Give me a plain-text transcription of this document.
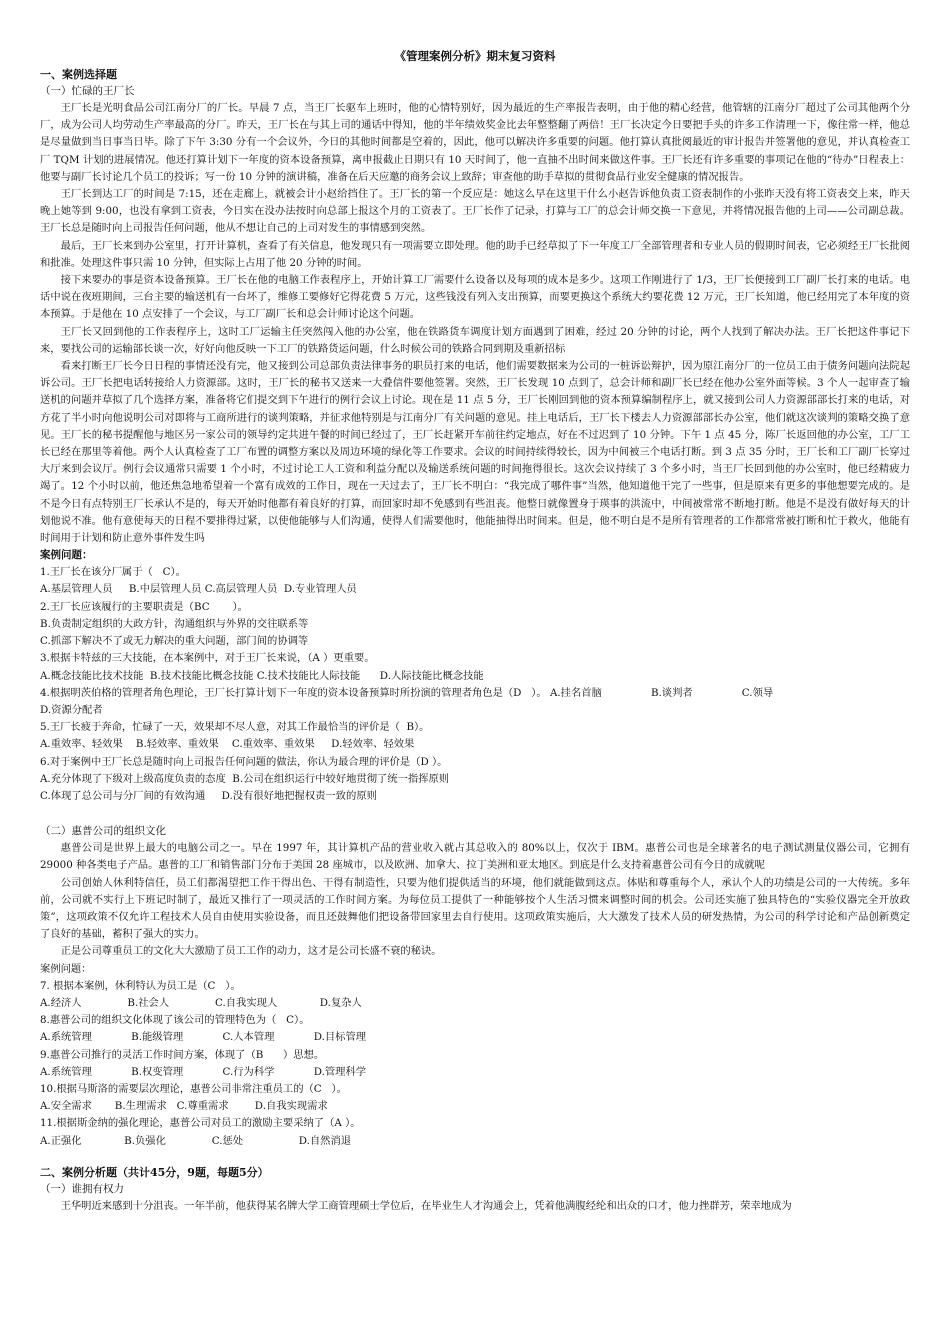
《管理案例分析》期末复习资料
一、案例选择题
（一）忙碌的王厂长
王厂长是光明食品公司江南分厂的厂长。早晨 7 点，当王厂长驱车上班时，他的心情特别好，因为最近的生产率报告表明，由于他的精心经营，他管辖的江南分厂超过了公司其他两个分厂，成为公司人均劳动生产率最高的分厂。昨天，王厂长在与其上司的通话中得知，他的半年绩效奖金比去年整整翻了两倍！王厂长决定今日要把手头的许多工作清理一下，像往常一样，他总是尽量做到当日事当日毕。除了下午 3:30 分有一个会议外，今日的其他时间都是空着的，因此，他可以解决许多重要的问题。他打算认真批阅最近的审计报告并签署他的意见，并认真检查工厂 TQM 计划的进展情况。他还打算计划下一年度的资本设备预算，离申报截止日期只有 10 天时间了，他一直抽不出时间来做这件事。王厂长还有许多重要的事项记在他的“待办”日程表上：他要与副厂长讨论几个员工的投诉；写一份 10 分钟的演讲稿，准备在后天应邀的商务会议上致辞；审查他的助手草拟的贯彻食品行业安全健康的情况报告。
王厂长到达工厂的时间是 7:15，还在走廊上，就被会计小赵给挡住了。王厂长的第一个反应是：她这么早在这里干什么小赵告诉他负责工资表制作的小张昨天没有将工资表交上来，昨天晚上她等到 9:00，也没有拿到工资表，今日实在没办法按时向总部上报这个月的工资表了。王厂长作了记录，打算与工厂的总会计师交换一下意见，并将情况报告他的上司——公司副总裁。王厂长总是随时向上司报告任何问题，他从不想让自己的上司对发生的事情感到突然。
最后，王厂长来到办公室里，打开计算机，查看了有关信息，他发现只有一项需要立即处理。他的助手已经草拟了下一年度工厂全部管理者和专业人员的假期时间表，它必须经王厂长批阅和批准。处理这件事只需 10 分钟，但实际上占用了他 20 分钟的时间。
接下来要办的事是资本设备预算。王厂长在他的电脑工作表程序上，开始计算工厂需要什么设备以及每项的成本是多少。这项工作刚进行了 1/3，王厂长便接到工厂副厂长打来的电话。电话中说在夜班期间，三台主要的输送机有一台坏了，维修工要修好它得花费 5 万元，这些钱没有列入支出预算，而要更换这个系统大约要花费 12 万元，王厂长知道，他已经用完了本年度的资本预算。于是他在 10 点安排了一个会议，与工厂副厂长和总会计师讨论这个问题。
王厂长又回到他的工作表程序上，这时工厂运输主任突然闯入他的办公室，他在铁路货车调度计划方面遇到了困难，经过 20 分钟的讨论，两个人找到了解决办法。王厂长把这件事记下来，要找公司的运输部长谈一次，好好向他反映一下工厂的铁路货运问题，什么时候公司的铁路合同到期及重新招标
看来打断王厂长今日日程的事情还没有完，他又接到公司总部负责法律事务的职员打来的电话，他们需要数据来为公司的一桩诉讼辩护，因为原江南分厂的一位员工由于债务问题向法院起诉公司。王厂长把电话转接给人力资源部。这时，王厂长的秘书又送来一大叠信件要他签署。突然，王厂长发现 10 点到了，总会计师和副厂长已经在他办公室外面等候。3 个人一起审查了输送机的问题并草拟了几个选择方案，准备将它们提交到下午进行的例行会议上讨论。现在是 11 点 5 分，王厂长刚回到他的资本预算编制程序上，就又接到公司人力资源部部长打来的电话，对方花了半小时向他说明公司对即将与工商所进行的谈判策略，并征求他特别是与江南分厂有关问题的意见。挂上电话后，王厂长下楼去人力资源部部长办公室，他们就这次谈判的策略交换了意见。王厂长的秘书提醒他与地区另一家公司的领导约定共进午餐的时间已经过了，王厂长赶紧开车前往约定地点，好在不过迟到了 10 分钟。下午 1 点 45 分，陈厂长返回他的办公室，工厂工长已经在那里等着他。两个人认真检查了工厂布置的调整方案以及周边环境的绿化等工作要求。会议的时间持续得较长，因为中间被三个电话打断。到 3 点 35 分时，王厂长和工厂副厂长穿过大厅来到会议厅。例行会议通常只需要 1 个小时，不过讨论工人工资和利益分配以及输送系统问题的时间拖得很长。这次会议持续了 3 个多小时，当王厂长回到他的办公室时，他已经精疲力竭了。12 个小时以前，他还焦急地希望着一个富有成效的工作日，现在一天过去了，王厂长不明白：“我完成了哪件事”当然，他知道他干完了一些事，但是原来有更多的事他想要完成的。是不是今日有点特别王厂长承认不是的，每天开始时他都有着良好的打算，而回家时却不免感到有些沮丧。他整日就像置身于瑛事的洪流中，中间被常常不断地打断。他是不是没有做好每天的计划他说不准。他有意使每天的日程不要排得过紧，以使他能够与人们沟通，使得人们需要他时，他能抽得出时间来。但是，他不明白是不是所有管理者的工作都常常被打断和忙于救火，他能有时间用于计划和防止意外事件发生吗
案例问题：
1.王厂长在该分厂属于（   C）。
A.基层管理人员     B.中层管理人员 C.高层管理人员  D.专业管理人员
2.王厂长应该履行的主要职责是（BC       ）。
B.负责制定组织的大政方针，沟通组织与外界的交往联系等
C.抓部下解决不了或无力解决的重大问题，部门间的协调等
3.根据卡特兹的三大技能，在本案例中，对于王厂长来说，（A ）更重要。
A.概念技能比技术技能  B.技术技能比概念技能 C.技术技能比人际技能      D.人际技能比概念技能
4.根据明茨伯格的管理者角色理论，王厂长打算计划下一年度的资本设备预算时所扮演的管理者角色是（D   ）。 A.挂名首脑               B.谈判者               C.领导
D.资源分配者
5.王厂长疲于奔命，忙碌了一天，效果却不尽人意，对其工作最恰当的评价是（  B）。
A.重效率、轻效果    B.轻效率、重效果    C.重效率、重效果     D.轻效率、轻效果
6.对于案例中王厂长总是随时向上司报告任何问题的做法，你认为最合理的评价是（D ）。
A.充分体现了下级对上级高度负责的态度  B.公司在组织运行中较好地贯彻了统一指挥原则
C.体现了总公司与分厂间的有效沟通     D.没有很好地把握权责一致的原则
（二）惠普公司的组织文化
惠普公司是世界上最大的电脑公司之一。早在 1997 年，其计算机产品的营业收入就占其总收入的 80%以上，仅次于 IBM。惠普公司也是全球著名的电子测试测量仪器公司，它拥有 29000 种各类电子产品。惠普的工厂和销售部门分布于美国 28 座城市，以及欧洲、加拿大、拉丁美洲和亚太地区。到底是什么支持着惠普公司有今日的成就呢
公司创始人休利特信任，员工们都渴望把工作干得出色、干得有制造性，只要为他们提供适当的环境，他们就能做到这点。体贴和尊重每个人，承认个人的功绩是公司的一大传统。多年前，公司就不实行上下班记时制了，最近又推行了一项灵活的工作时间方案。为每位员工提供了一种能够按个人生活习惯来调整时间的机会。公司还实施了独具特色的“实验仪器完全开放政策”，这项政策不仅允许工程技术人员自由使用实验设备，而且还鼓舞他们把设备带回家里去自行使用。这项政策实施后，大大激发了技术人员的研发热情，为公司的科学讨论和产品创新奠定了良好的基础，蓄积了强大的实力。
正是公司尊重员工的文化大大激励了员工工作的动力，这才是公司长盛不衰的秘诀。
案例问题：
7. 根据本案例，休利特认为员工是（C   ）。
A.经济人              B.社会人              C.自我实现人             D.复杂人
8.惠普公司的组织文化体现了该公司的管理特色为（   C）。
A.系统管理            B.能级管理            C.人本管理            D.目标管理
9.惠普公司推行的灵活工作时间方案，体现了（B      ）思想。
A.系统管理            B.权变管理            C.行为科学            D.管理科学
10.根据马斯洛的需要层次理论，惠普公司非常注重员工的（C   ）。
A.安全需求       B.生理需求   C.尊重需求        D.自我实现需求
11.根据斯金纳的强化理论，惠普公司对员工的激励主要采纳了（A ）。
A.正强化             B.负强化              C.惩处                 D.自然消退
二、案例分析题（共计45分，9题，每题5分）
（一）谁拥有权力
王华明近来感到十分沮丧。一年半前，他获得某名牌大学工商管理硕士学位后，在毕业生人才沟通会上，凭着他满腹经纶和出众的口才，他力挫群芳，荣幸地成为
